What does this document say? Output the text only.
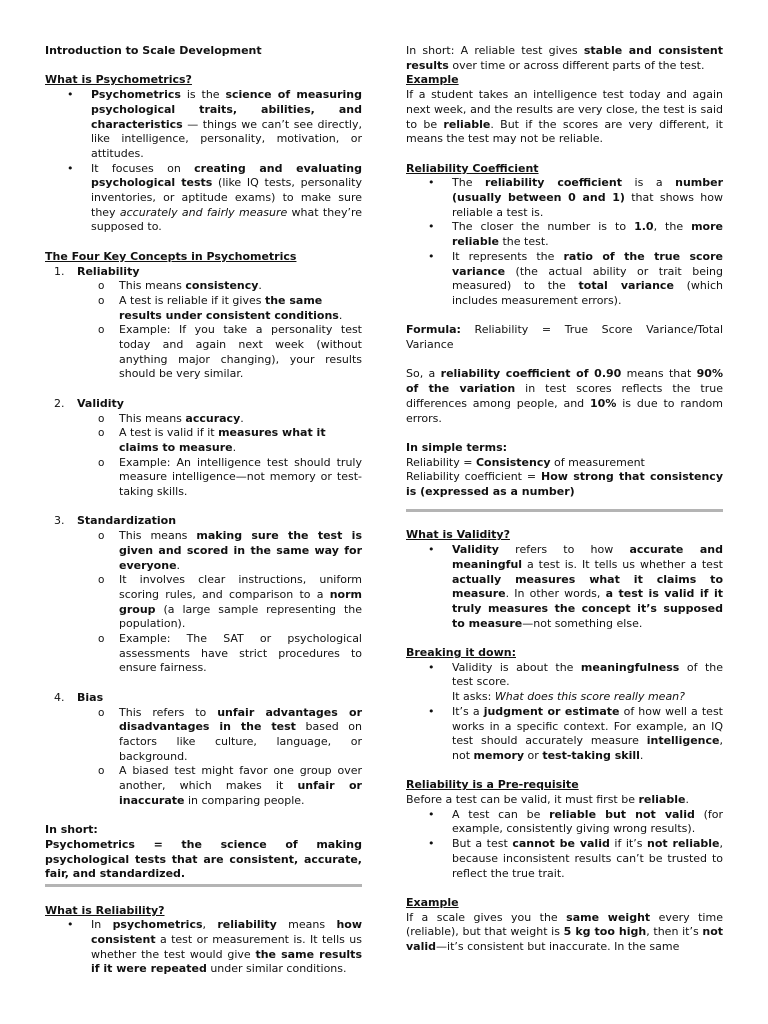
Introduction to Scale Development

What is Psychometrics?

• Psychometrics is the science of measuring psychological traits, abilities, and characteristics — things we can’t see directly, like intelligence, personality, motivation, or attitudes.
• It focuses on creating and evaluating psychological tests (like IQ tests, personality inventories, or aptitude exams) to make sure they accurately and fairly measure what they’re supposed to.

The Four Key Concepts in Psychometrics

1. Reliability
o This means consistency.
o A test is reliable if it gives the same results under consistent conditions.
o Example: If you take a personality test today and again next week (without anything major changing), your results should be very similar.
2. Validity
o This means accuracy.
o A test is valid if it measures what it claims to measure.
o Example: An intelligence test should truly measure intelligence—not memory or test-taking skills.
3. Standardization
o This means making sure the test is given and scored in the same way for everyone.
o It involves clear instructions, uniform scoring rules, and comparison to a norm group (a large sample representing the population).
o Example: The SAT or psychological assessments have strict procedures to ensure fairness.
4. Bias
o This refers to unfair advantages or disadvantages in the test based on factors like culture, language, or background.
o A biased test might favor one group over another, which makes it unfair or inaccurate in comparing people.

In short:

Psychometrics = the science of making psychological tests that are consistent, accurate, fair, and standardized.

What is Reliability?

• In psychometrics, reliability means how consistent a test or measurement is. It tells us whether the test would give the same results if it were repeated under similar conditions.

In short: A reliable test gives stable and consistent results over time or across different parts of the test.

Example

If a student takes an intelligence test today and again next week, and the results are very close, the test is said to be reliable. But if the scores are very different, it means the test may not be reliable.

Reliability Coefficient

• The reliability coefficient is a number (usually between 0 and 1) that shows how reliable a test is.
• The closer the number is to 1.0, the more reliable the test.
• It represents the ratio of the true score variance (the actual ability or trait being measured) to the total variance (which includes measurement errors).

Formula: Reliability = True Score Variance/Total Variance

So, a reliability coefficient of 0.90 means that 90% of the variation in test scores reflects the true differences among people, and 10% is due to random errors.

In simple terms:

Reliability = Consistency of measurement

Reliability coefficient = How strong that consistency is (expressed as a number)

What is Validity?

• Validity refers to how accurate and meaningful a test is. It tells us whether a test actually measures what it claims to measure. In other words, a test is valid if it truly measures the concept it’s supposed to measure—not something else.

Breaking it down:

• Validity is about the meaningfulness of the test score.
It asks: What does this score really mean?
• It’s a judgment or estimate of how well a test works in a specific context. For example, an IQ test should accurately measure intelligence, not memory or test-taking skill.

Reliability is a Pre-requisite

Before a test can be valid, it must first be reliable.

• A test can be reliable but not valid (for example, consistently giving wrong results).
• But a test cannot be valid if it’s not reliable, because inconsistent results can’t be trusted to reflect the true trait.

Example

If a scale gives you the same weight every time (reliable), but that weight is 5 kg too high, then it’s not valid—it’s consistent but inaccurate. In the same
